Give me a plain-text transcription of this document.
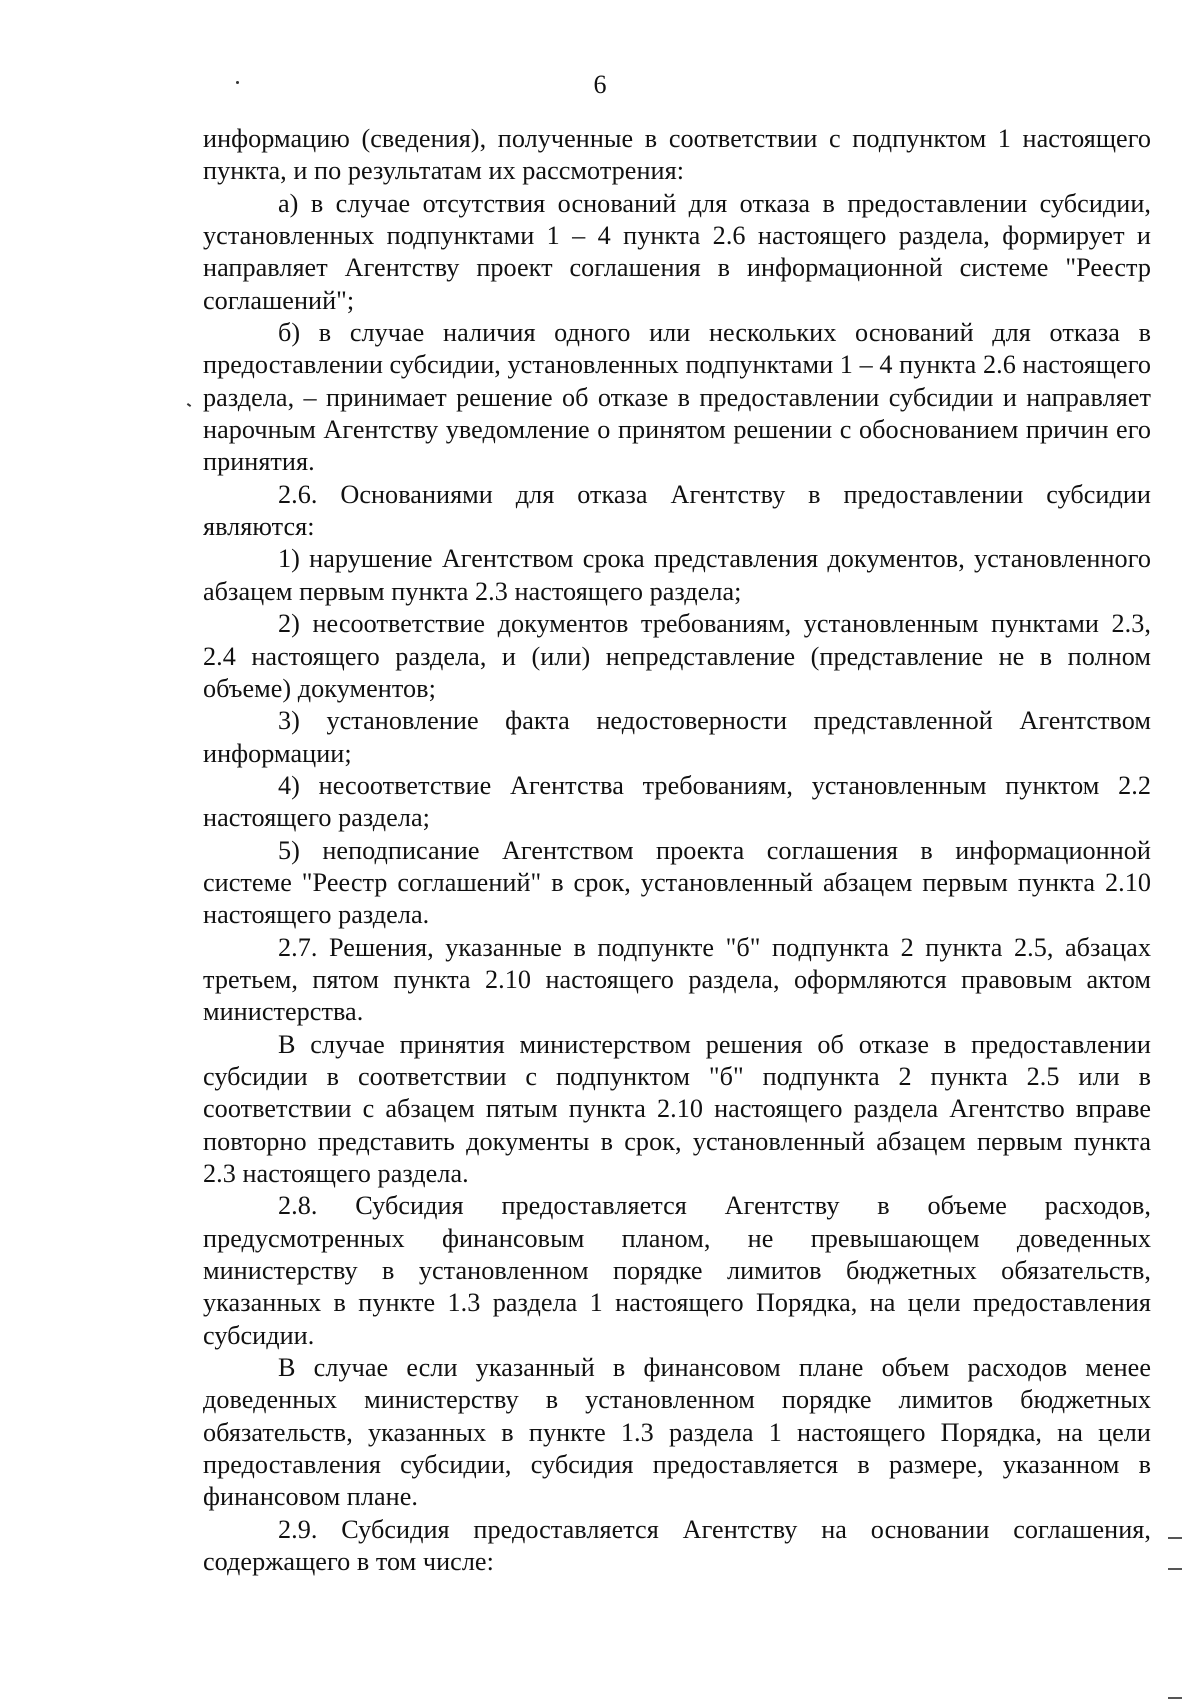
6

информацию (сведения), полученные в соответствии с подпунктом 1 настоящего пункта, и по результатам их рассмотрения:

а) в случае отсутствия оснований для отказа в предоставлении субсидии, установленных подпунктами 1 – 4 пункта 2.6 настоящего раздела, формирует и направляет Агентству проект соглашения в информационной системе "Реестр соглашений";

б) в случае наличия одного или нескольких оснований для отказа в предоставлении субсидии, установленных подпунктами 1 – 4 пункта 2.6 настоящего раздела, – принимает решение об отказе в предоставлении субсидии и направляет нарочным Агентству уведомление о принятом решении с обоснованием причин его принятия.

2.6. Основаниями для отказа Агентству в предоставлении субсидии являются:

1) нарушение Агентством срока представления документов, установленного абзацем первым пункта 2.3 настоящего раздела;

2) несоответствие документов требованиям, установленным пунктами 2.3, 2.4 настоящего раздела, и (или) непредставление (представление не в полном объеме) документов;

3) установление факта недостоверности представленной Агентством информации;

4) несоответствие Агентства требованиям, установленным пунктом 2.2 настоящего раздела;

5) неподписание Агентством проекта соглашения в информационной системе "Реестр соглашений" в срок, установленный абзацем первым пункта 2.10 настоящего раздела.

2.7. Решения, указанные в подпункте "б" подпункта 2 пункта 2.5, абзацах третьем, пятом пункта 2.10 настоящего раздела, оформляются правовым актом министерства.

В случае принятия министерством решения об отказе в предоставлении субсидии в соответствии с подпунктом "б" подпункта 2 пункта 2.5 или в соответствии с абзацем пятым пункта 2.10 настоящего раздела Агентство вправе повторно представить документы в срок, установленный абзацем первым пункта 2.3 настоящего раздела.

2.8. Субсидия предоставляется Агентству в объеме расходов, предусмотренных финансовым планом, не превышающем доведенных министерству в установленном порядке лимитов бюджетных обязательств, указанных в пункте 1.3 раздела 1 настоящего Порядка, на цели предоставления субсидии.

В случае если указанный в финансовом плане объем расходов менее доведенных министерству в установленном порядке лимитов бюджетных обязательств, указанных в пункте 1.3 раздела 1 настоящего Порядка, на цели предоставления субсидии, субсидия предоставляется в размере, указанном в финансовом плане.

2.9. Субсидия предоставляется Агентству на основании соглашения, содержащего в том числе:
